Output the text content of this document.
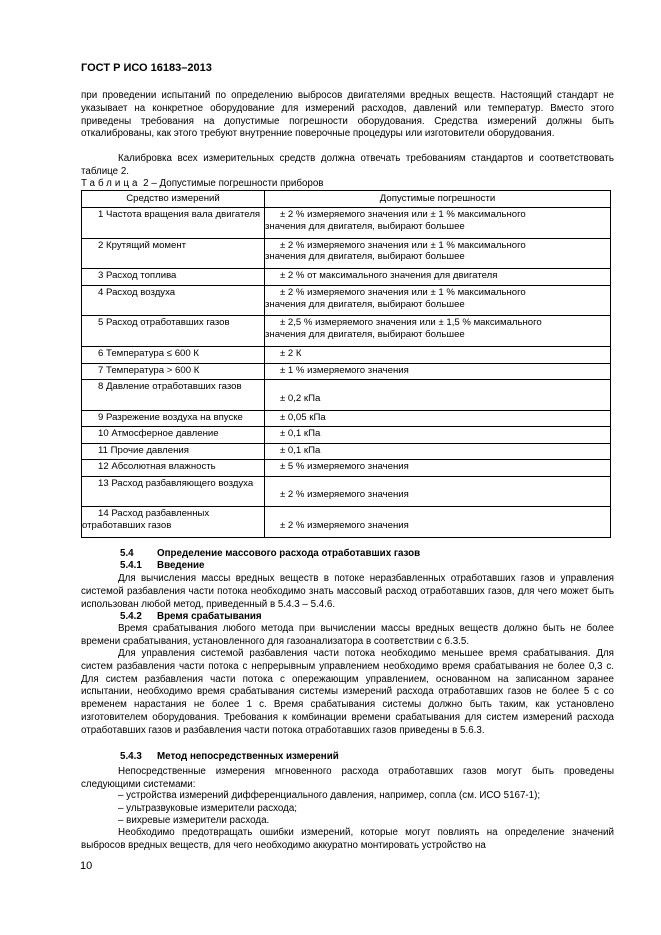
ГОСТ Р ИСО 16183–2013
при проведении испытаний по определению выбросов двигателями вредных веществ. Настоящий стандарт не указывает на конкретное оборудование для измерений расходов, давлений или температур. Вместо этого приведены требования на допустимые погрешности оборудования. Средства измерений должны быть откалиброваны, как этого требуют внутренние поверочные процедуры или изготовители оборудования.
Калибровка всех измерительных средств должна отвечать требованиям стандартов и соответствовать таблице 2.
Таблица 2 – Допустимые погрешности приборов
Средство измерений	Допустимые погрешности
1 Частота вращения вала двигателя	± 2 % измеряемого значения или ± 1 % максимального
значения для двигателя, выбирают большее
2 Крутящий момент	± 2 % измеряемого значения или ± 1 % максимального
значения для двигателя, выбирают большее
3 Расход топлива	± 2 % от максимального значения для двигателя

4 Расход воздуха	± 2 % измеряемого значения или ± 1 % максимального
значения для двигателя, выбирают большее
5 Расход отработавших газов	± 2,5 % измеряемого значения или ± 1,5 % максимального
значения для двигателя, выбирают большее
6 Температура ≤ 600 К	± 2 К

7 Температура > 600 К	± 1 % измеряемого значения

8 Давление отработавших газов	± 0,2 кПа

9 Разрежение воздуха на впуске	± 0,05 кПа

10 Атмосферное давление	± 0,1 кПа

11 Прочие давления	± 0,1 кПа

12 Абсолютная влажность	± 5 % измеряемого значения

13 Расход разбавляющего воздуха	± 2 % измеряемого значения

14 Расход разбавленных отработавших газов	± 2 % измеряемого значения
5.4 Определение массового расхода отработавших газов
5.4.1 Введение
Для вычисления массы вредных веществ в потоке неразбавленных отработавших газов и управления системой разбавления части потока необходимо знать массовый расход отработавших газов, для чего может быть использован любой метод, приведенный в 5.4.3 – 5.4.6.
5.4.2 Время срабатывания
Время срабатывания любого метода при вычислении массы вредных веществ должно быть не более времени срабатывания, установленного для газоанализатора в соответствии с 6.3.5.
Для управления системой разбавления части потока необходимо меньшее время срабатывания. Для систем разбавления части потока с непрерывным управлением необходимо время срабатывания не более 0,3 с. Для систем разбавления части потока с опережающим управлением, основанном на записанном заранее испытании, необходимо время срабатывания системы измерений расхода отработавших газов не более 5 с со временем нарастания не более 1 с. Время срабатывания системы должно быть таким, как установлено изготовителем оборудования. Требования к комбинации времени срабатывания для систем измерений расхода отработавших газов и разбавления части потока отработавших газов приведены в 5.6.3.
5.4.3 Метод непосредственных измерений
Непосредственные измерения мгновенного расхода отработавших газов могут быть проведены следующими системами:
– устройства измерений дифференциального давления, например, сопла (см. ИСО 5167-1);
– ультразвуковые измерители расхода;
– вихревые измерители расхода.
Необходимо предотвращать ошибки измерений, которые могут повлиять на определение значений выбросов вредных веществ, для чего необходимо аккуратно монтировать устройство на
10
